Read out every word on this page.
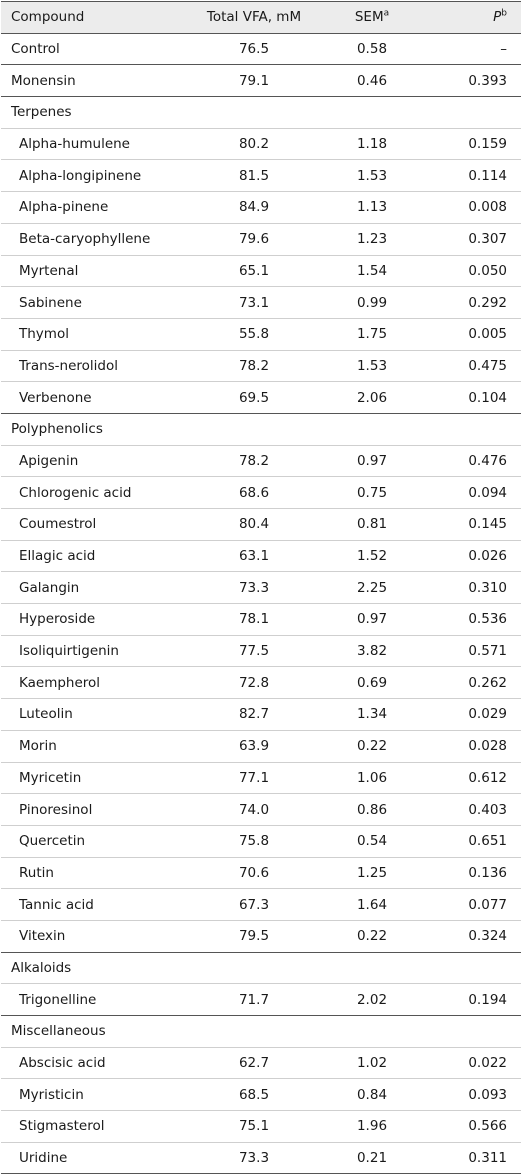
Compound	Total VFA, mM	SEM$^a$	$P^b$
Control	76.5	0.58	–
Monensin	79.1	0.46	0.393
Terpenes			
Alpha-humulene	80.2	1.18	0.159
Alpha-longipinene	81.5	1.53	0.114
Alpha-pinene	84.9	1.13	0.008
Beta-caryophyllene	79.6	1.23	0.307
Myrtenal	65.1	1.54	0.050
Sabinene	73.1	0.99	0.292
Thymol	55.8	1.75	0.005
Trans-nerolidol	78.2	1.53	0.475
Verbenone	69.5	2.06	0.104
Polyphenolics			
Apigenin	78.2	0.97	0.476
Chlorogenic acid	68.6	0.75	0.094
Coumestrol	80.4	0.81	0.145
Ellagic acid	63.1	1.52	0.026
Galangin	73.3	2.25	0.310
Hyperoside	78.1	0.97	0.536
Isoliquirtigenin	77.5	3.82	0.571
Kaempherol	72.8	0.69	0.262
Luteolin	82.7	1.34	0.029
Morin	63.9	0.22	0.028
Myricetin	77.1	1.06	0.612
Pinoresinol	74.0	0.86	0.403
Quercetin	75.8	0.54	0.651
Rutin	70.6	1.25	0.136
Tannic acid	67.3	1.64	0.077
Vitexin	79.5	0.22	0.324
Alkaloids			
Trigonelline	71.7	2.02	0.194
Miscellaneous			
Abscisic acid	62.7	1.02	0.022
Myristicin	68.5	0.84	0.093
Stigmasterol	75.1	1.96	0.566
Uridine	73.3	0.21	0.311
